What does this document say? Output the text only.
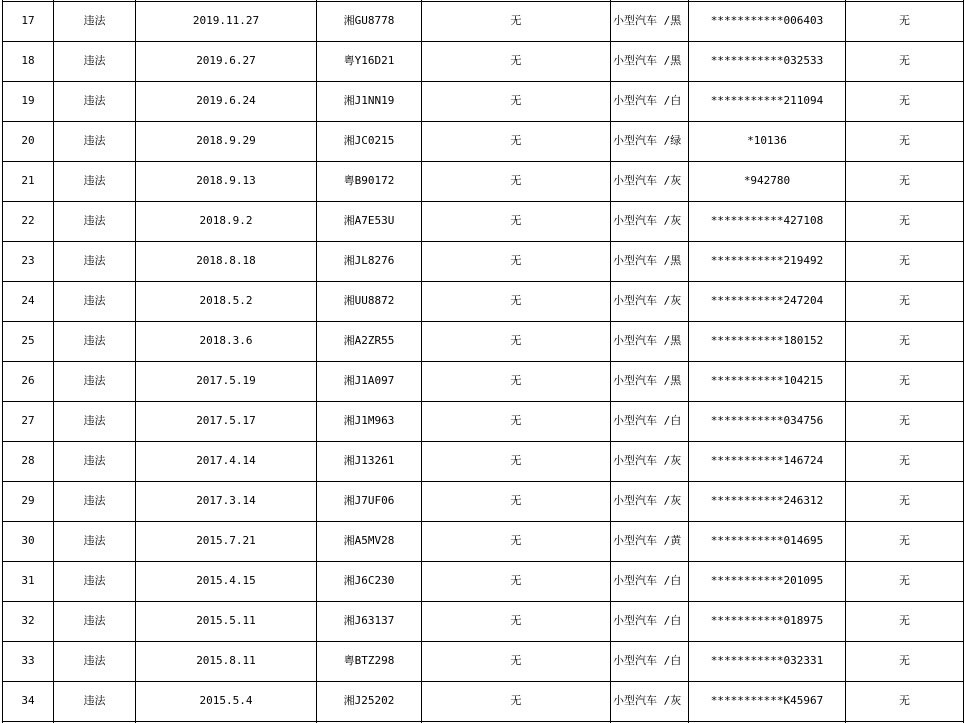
17	违法	2019.11.27	湘GU8778	无	小型汽车 /黑	***********006403	无
18	违法	2019.6.27	粤Y16D21	无	小型汽车 /黑	***********032533	无
19	违法	2019.6.24	湘J1NN19	无	小型汽车 /白	***********211094	无
20	违法	2018.9.29	湘JC0215	无	小型汽车 /绿	*10136	无
21	违法	2018.9.13	粤B90172	无	小型汽车 /灰	*942780	无
22	违法	2018.9.2	湘A7E53U	无	小型汽车 /灰	***********427108	无
23	违法	2018.8.18	湘JL8276	无	小型汽车 /黑	***********219492	无
24	违法	2018.5.2	湘UU8872	无	小型汽车 /灰	***********247204	无
25	违法	2018.3.6	湘A2ZR55	无	小型汽车 /黑	***********180152	无
26	违法	2017.5.19	湘J1A097	无	小型汽车 /黑	***********104215	无
27	违法	2017.5.17	湘J1M963	无	小型汽车 /白	***********034756	无
28	违法	2017.4.14	湘J13261	无	小型汽车 /灰	***********146724	无
29	违法	2017.3.14	湘J7UF06	无	小型汽车 /灰	***********246312	无
30	违法	2015.7.21	湘A5MV28	无	小型汽车 /黄	***********014695	无
31	违法	2015.4.15	湘J6C230	无	小型汽车 /白	***********201095	无
32	违法	2015.5.11	湘J63137	无	小型汽车 /白	***********018975	无
33	违法	2015.8.11	粤BTZ298	无	小型汽车 /白	***********032331	无
34	违法	2015.5.4	湘J25202	无	小型汽车 /灰	***********K45967	无
